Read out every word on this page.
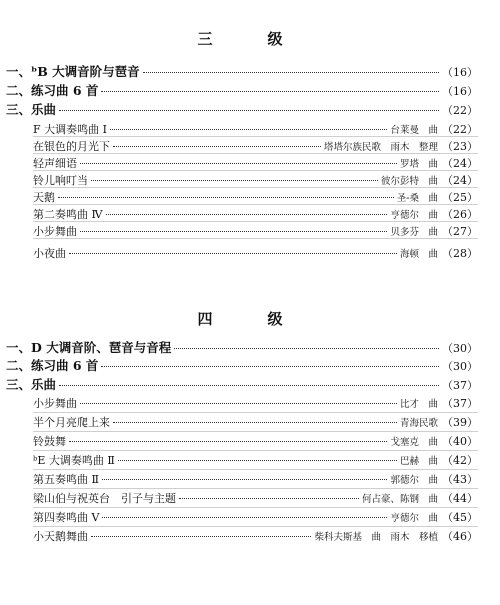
三　级
一、ᵇB 大调音阶与琶音	（16）
二、练习曲 6 首	（16）
三、乐曲	（22）
F 大调奏鸣曲 Ⅰ	台莱曼　曲 （22）
在银色的月光下	塔塔尔族民歌　雨木　整理 （23）
轻声细语	罗塔　曲 （24）
铃儿响叮当	彼尔彭特　曲 （24）
天鹅	圣-桑　曲 （25）
第二奏鸣曲 Ⅳ	亨德尔　曲 （26）
小步舞曲	贝多芬　曲 （27）
小夜曲	海顿　曲 （28）
四　级
一、D 大调音阶、琶音与音程	（30）
二、练习曲 6 首	（30）
三、乐曲	（37）
小步舞曲	比才　曲 （37）
半个月亮爬上来	青海民歌 （39）
铃鼓舞	戈塞克　曲 （40）
ᵇE 大调奏鸣曲 Ⅱ	巴赫　曲 （42）
第五奏鸣曲 Ⅱ	郭德尔　曲 （43）
梁山伯与祝英台　引子与主题	何占豪、陈钢　曲 （44）
第四奏鸣曲 Ⅴ	亨德尔　曲 （45）
小天鹅舞曲	柴科夫斯基　曲　雨木　移植 （46）
